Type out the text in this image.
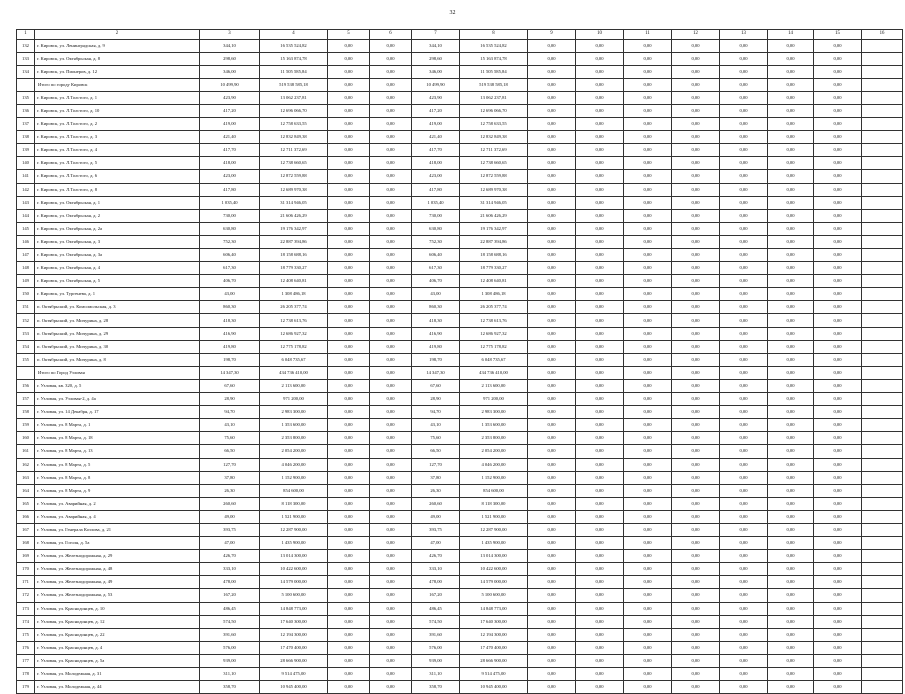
32
1	2	3	4	5	6	7	8	9	10	11	12	13	14	15	16
132	г. Кировск, ул. Ленинградская, д. 9	344,10	16 535 524,82	0,00	0,00	344,10	16 535 524,82	0,00	0,00	0,00	0,00	0,00	0,00	0,00	
133	г. Кировск, ул. Октябрьская, д. 8	298,60	15 163 874,78	0,00	0,00	298,60	15 163 874,78	0,00	0,00	0,00	0,00	0,00	0,00	0,00	
134	г. Кировск, ул. Пионеров, д. 12	346,00	11 505 585,84	0,00	0,00	346,00	11 505 585,84	0,00	0,00	0,00	0,00	0,00	0,00	0,00	
	Итого по городу Кировск	10 499,90	519 538 585,18	0,00	0,00	10 499,90	519 538 585,18	0,00	0,00	0,00	0,00	0,00	0,00	0,00	
135	г. Кировск, ул. Л.Толстого, д. 1	423,90	13 062 237,81	0,00	0,00	423,90	13 062 237,81	0,00	0,00	0,00	0,00	0,00	0,00	0,00	
136	г. Кировск, ул. Л.Толстого, д. 10	417,20	12 696 066,70	0,00	0,00	417,20	12 696 066,70	0,00	0,00	0,00	0,00	0,00	0,00	0,00	
137	г. Кировск, ул. Л.Толстого, д. 2	419,00	12 758 633,55	0,00	0,00	419,00	12 758 633,55	0,00	0,00	0,00	0,00	0,00	0,00	0,00	
138	г. Кировск, ул. Л.Толстого, д. 3	421,40	12 832 849,38	0,00	0,00	421,40	12 832 849,38	0,00	0,00	0,00	0,00	0,00	0,00	0,00	
139	г. Кировск, ул. Л.Толстого, д. 4	417,70	12 711 372,69	0,00	0,00	417,70	12 711 372,69	0,00	0,00	0,00	0,00	0,00	0,00	0,00	
140	г. Кировск, ул. Л.Толстого, д. 5	418,00	12 738 660,65	0,00	0,00	418,00	12 738 660,65	0,00	0,00	0,00	0,00	0,00	0,00	0,00	
141	г. Кировск, ул. Л.Толстого, д. 6	423,00	12 872 559,88	0,00	0,00	423,00	12 872 559,88	0,00	0,00	0,00	0,00	0,00	0,00	0,00	
142	г. Кировск, ул. Л.Толстого, д. 8	417,80	12 689 970,38	0,00	0,00	417,80	12 689 970,38	0,00	0,00	0,00	0,00	0,00	0,00	0,00	
143	г. Кировск, ул. Октябрьская, д. 1	1 035,40	31 314 946,05	0,00	0,00	1 035,40	31 314 946,05	0,00	0,00	0,00	0,00	0,00	0,00	0,00	
144	г. Кировск, ул. Октябрьская, д. 2	730,00	21 606 426,29	0,00	0,00	730,00	21 606 426,29	0,00	0,00	0,00	0,00	0,00	0,00	0,00	
145	г. Кировск, ул. Октябрьская, д. 2а	630,80	19 176 342,97	0,00	0,00	630,80	19 176 342,97	0,00	0,00	0,00	0,00	0,00	0,00	0,00	
146	г. Кировск, ул. Октябрьская, д. 3	752,30	22 887 394,86	0,00	0,00	752,30	22 887 394,86	0,00	0,00	0,00	0,00	0,00	0,00	0,00	
147	г. Кировск, ул. Октябрьская, д. 3а	606,40	18 158 688,16	0,00	0,00	606,40	18 158 688,16	0,00	0,00	0,00	0,00	0,00	0,00	0,00	
148	г. Кировск, ул. Октябрьская, д. 4	617,30	18 779 330,27	0,00	0,00	617,30	18 779 330,27	0,00	0,00	0,00	0,00	0,00	0,00	0,00	
149	г. Кировск, ул. Октябрьская, д. 5	406,70	12 408 640,81	0,00	0,00	406,70	12 408 640,81	0,00	0,00	0,00	0,00	0,00	0,00	0,00	
150	г. Кировск, ул. Тургенева, д. 1	43,00	1 308 486,18	0,00	0,00	43,00	1 308 486,18	0,00	0,00	0,00	0,00	0,00	0,00	0,00	
151	п. Октябрьский, ул. Комсомольская, д. 3	860,30	26 205 377,74	0,00	0,00	860,30	26 205 377,74	0,00	0,00	0,00	0,00	0,00	0,00	0,00	
152	п. Октябрьский, ул. Мичурина, д. 28	418,30	12 738 613,76	0,00	0,00	418,30	12 738 613,76	0,00	0,00	0,00	0,00	0,00	0,00	0,00	
153	п. Октябрьский, ул. Мичурина, д. 29	416,90	12 686 927,32	0,00	0,00	416,90	12 686 927,32	0,00	0,00	0,00	0,00	0,00	0,00	0,00	
154	п. Октябрьский, ул. Мичурина, д. 30	419,80	12 775 178,82	0,00	0,00	419,80	12 775 178,82	0,00	0,00	0,00	0,00	0,00	0,00	0,00	
155	п. Октябрьский, ул. Мичурина, д. 8	198,70	6 048 735,67	0,00	0,00	198,70	6 048 735,67	0,00	0,00	0,00	0,00	0,00	0,00	0,00	
	Итого по Город Узловая	14 347,30	434 736 410,00	0,00	0,00	14 347,30	434 736 410,00	0,00	0,00	0,00	0,00	0,00	0,00	0,00	
156	г. Узловая, кв. 320, д. 5	67,60	2 113 600,00	0,00	0,00	67,60	2 113 600,00	0,00	0,00	0,00	0,00	0,00	0,00	0,00	
157	г. Узловая, ул. Узловая-2, д. 4а	28,90	971 200,00	0,00	0,00	28,90	971 200,00	0,00	0,00	0,00	0,00	0,00	0,00	0,00	
158	г. Узловая, ул. 14 Декабря, д. 17	94,70	2 983 300,00	0,00	0,00	94,70	2 983 300,00	0,00	0,00	0,00	0,00	0,00	0,00	0,00	
159	г. Узловая, ул. 8 Марта, д. 1	43,10	1 353 600,00	0,00	0,00	43,10	1 353 600,00	0,00	0,00	0,00	0,00	0,00	0,00	0,00	
160	г. Узловая, ул. 8 Марта, д. 18	75,60	2 353 800,00	0,00	0,00	75,60	2 353 800,00	0,00	0,00	0,00	0,00	0,00	0,00	0,00	
161	г. Узловая, ул. 8 Марта, д. 13	66,50	2 054 200,00	0,00	0,00	66,50	2 054 200,00	0,00	0,00	0,00	0,00	0,00	0,00	0,00	
162	г. Узловая, ул. 8 Марта, д. 5	127,70	4 046 200,00	0,00	0,00	127,70	4 046 200,00	0,00	0,00	0,00	0,00	0,00	0,00	0,00	
163	г. Узловая, ул. 8 Марта, д. 8	37,80	1 152 900,00	0,00	0,00	37,80	1 152 900,00	0,00	0,00	0,00	0,00	0,00	0,00	0,00	
164	г. Узловая, ул. 8 Марта, д. 9	26,30	854 600,00	0,00	0,00	26,30	854 600,00	0,00	0,00	0,00	0,00	0,00	0,00	0,00	
165	г. Узловая, ул. Аварийная, д. 2	260,60	8 118 300,00	0,00	0,00	260,60	8 118 300,00	0,00	0,00	0,00	0,00	0,00	0,00	0,00	
166	г. Узловая, ул. Аварийная, д. 4	49,00	1 521 900,00	0,00	0,00	49,00	1 521 900,00	0,00	0,00	0,00	0,00	0,00	0,00	0,00	
167	г. Узловая, ул. Генерала Козлова, д. 21	393,75	12 287 900,00	0,00	0,00	393,75	12 287 900,00	0,00	0,00	0,00	0,00	0,00	0,00	0,00	
168	г. Узловая, ул. Гоголя, д. 5а	47,00	1 435 900,00	0,00	0,00	47,00	1 435 900,00	0,00	0,00	0,00	0,00	0,00	0,00	0,00	
169	г. Узловая, ул. Железнодорожная, д. 29	426,70	13 014 300,00	0,00	0,00	426,70	13 014 300,00	0,00	0,00	0,00	0,00	0,00	0,00	0,00	
170	г. Узловая, ул. Железнодорожная, д. 48	333,10	10 422 600,00	0,00	0,00	333,10	10 422 600,00	0,00	0,00	0,00	0,00	0,00	0,00	0,00	
171	г. Узловая, ул. Железнодорожная, д. 49	478,00	14 579 000,00	0,00	0,00	478,00	14 579 000,00	0,00	0,00	0,00	0,00	0,00	0,00	0,00	
172	г. Узловая, ул. Железнодорожная, д. 53	167,20	5 100 600,00	0,00	0,00	167,20	5 100 600,00	0,00	0,00	0,00	0,00	0,00	0,00	0,00	
173	г. Узловая, ул. Краснодонцев, д. 10	486,45	14 848 773,00	0,00	0,00	486,45	14 848 773,00	0,00	0,00	0,00	0,00	0,00	0,00	0,00	
174	г. Узловая, ул. Краснодонцев, д. 12	574,50	17 640 300,00	0,00	0,00	574,50	17 640 300,00	0,00	0,00	0,00	0,00	0,00	0,00	0,00	
175	г. Узловая, ул. Краснодонцев, д. 22	391,60	12 194 300,00	0,00	0,00	391,60	12 194 300,00	0,00	0,00	0,00	0,00	0,00	0,00	0,00	
176	г. Узловая, ул. Краснодонцев, д. 4	576,00	17 470 400,00	0,00	0,00	576,00	17 470 400,00	0,00	0,00	0,00	0,00	0,00	0,00	0,00	
177	г. Узловая, ул. Краснодонцев, д. 5а	939,00	28 666 900,00	0,00	0,00	939,00	28 666 900,00	0,00	0,00	0,00	0,00	0,00	0,00	0,00	
178	г. Узловая, ул. Молодежная, д. 31	311,10	9 514 475,00	0,00	0,00	311,10	9 514 475,00	0,00	0,00	0,00	0,00	0,00	0,00	0,00	
179	г. Узловая, ул. Молодежная, д. 44	358,70	10 945 400,00	0,00	0,00	358,70	10 945 400,00	0,00	0,00	0,00	0,00	0,00	0,00	0,00	
